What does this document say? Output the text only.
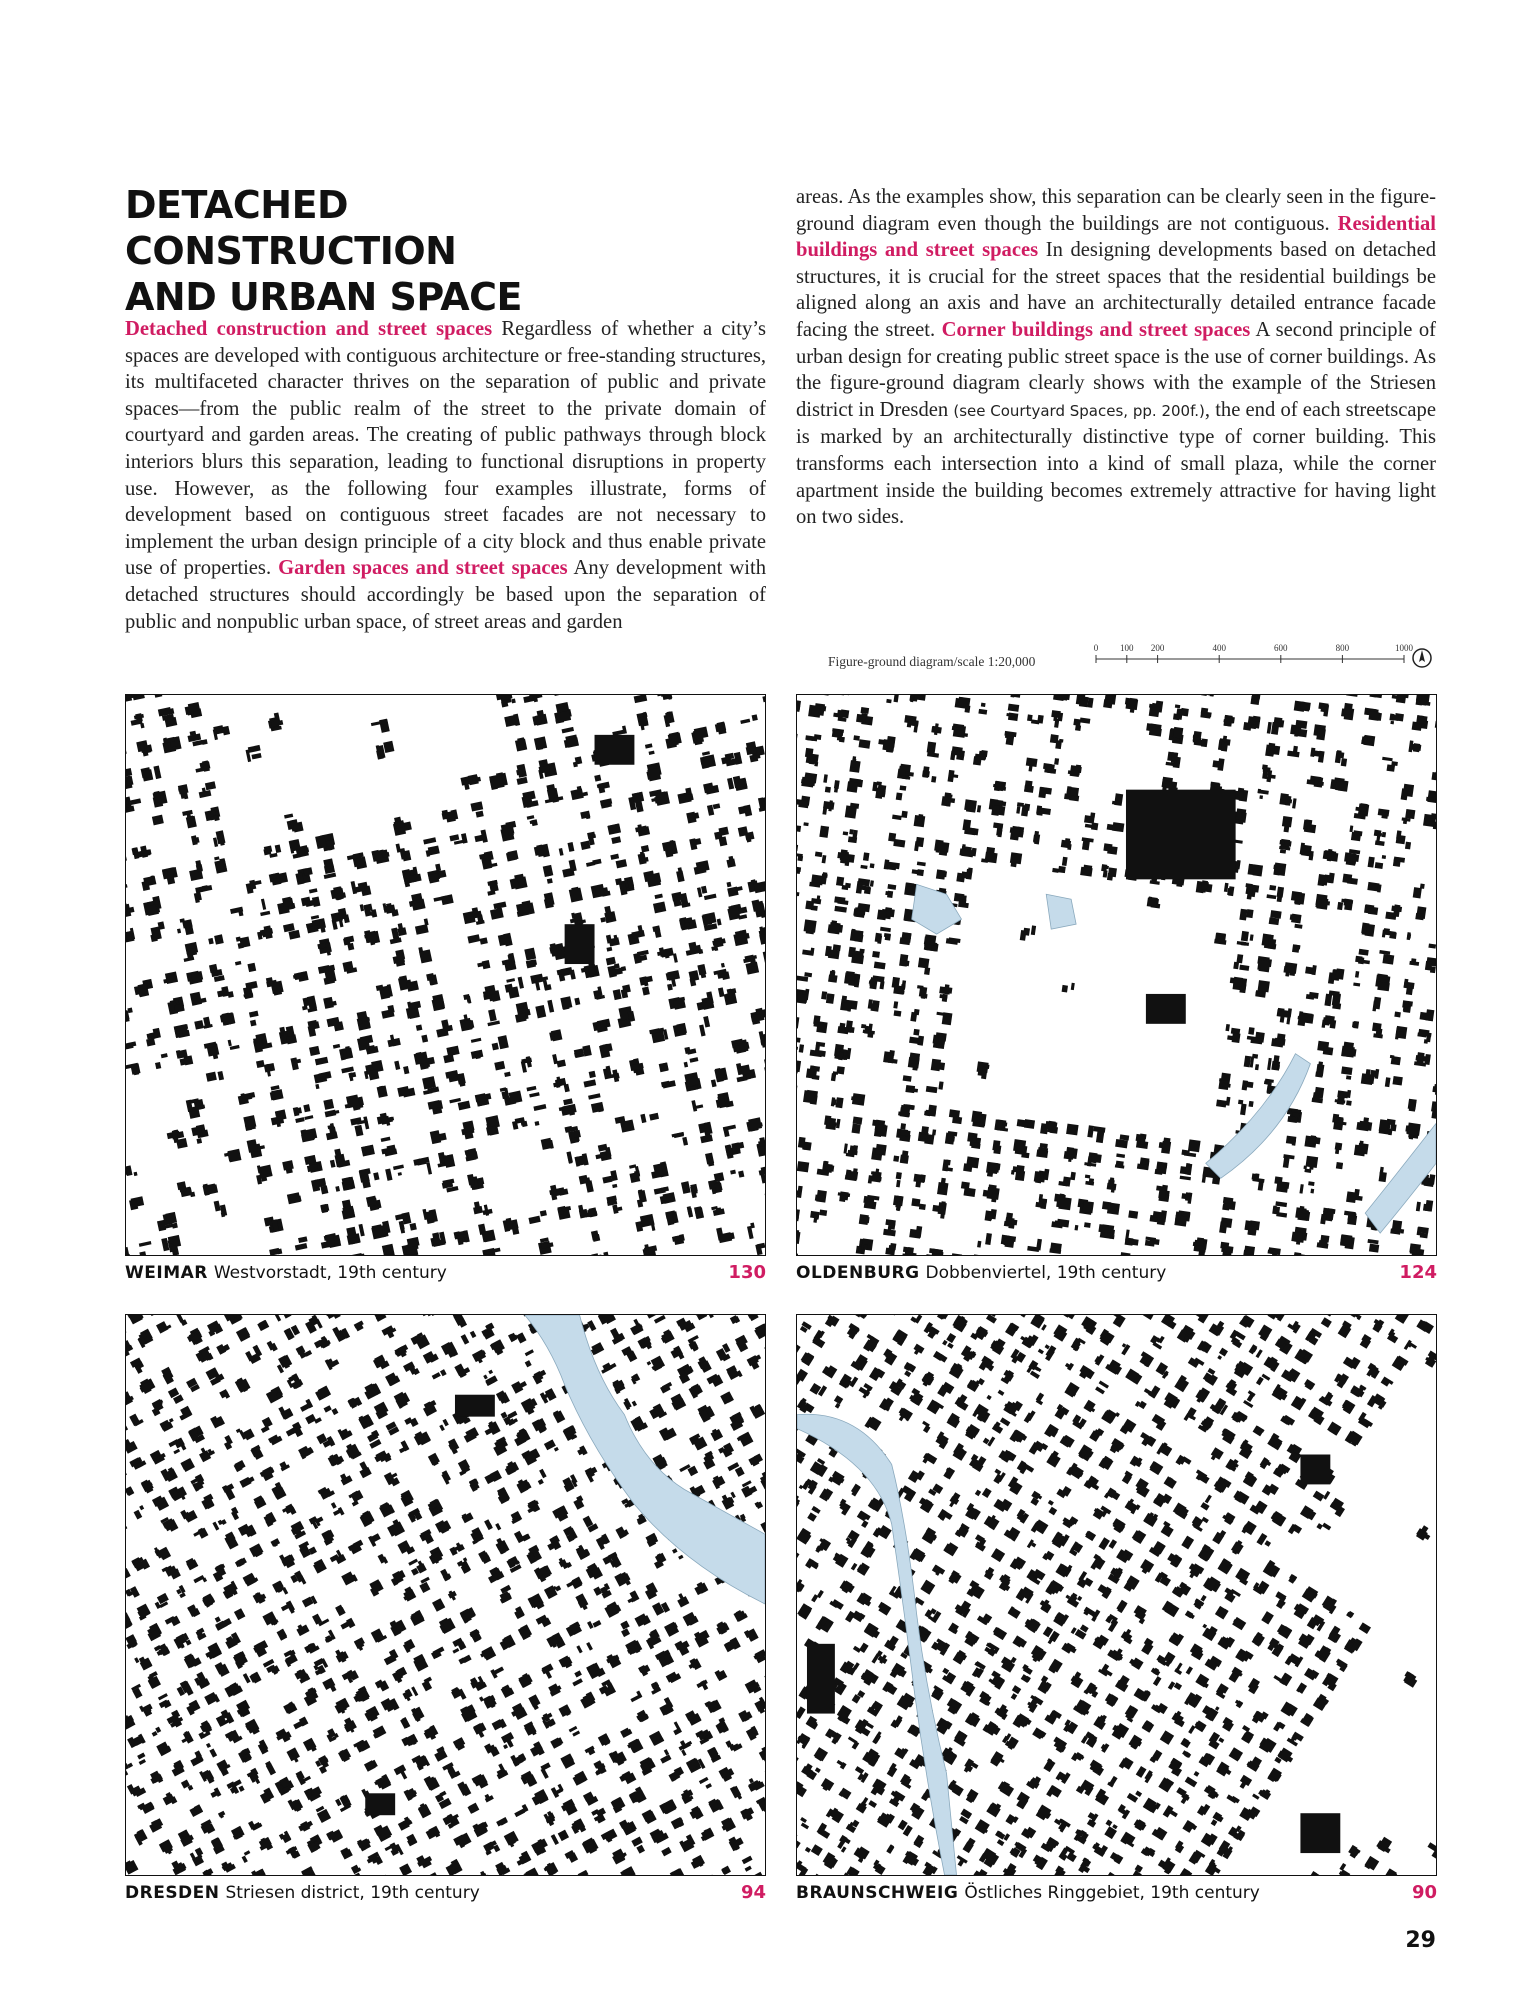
DETACHED CONSTRUCTION
AND URBAN SPACE
Detached construction and street spaces Regardless of whether a city’s spaces are developed with contiguous architecture or free-standing structures, its multifaceted character thrives on the separation of public and private spaces—from the public realm of the street to the private domain of courtyard and garden areas. The creating of public pathways through block interiors blurs this separation, leading to functional disruptions in property use. However, as the following four examples illustrate, forms of development based on contiguous street facades are not necessary to implement the urban design principle of a city block and thus enable private use of properties. Garden spaces and street spaces Any development with detached structures should accordingly be based upon the separation of public and nonpublic urban space, of street areas and garden
areas. As the examples show, this separation can be clearly seen in the figure-ground diagram even though the buildings are not contiguous. Residential buildings and street spaces In designing developments based on detached structures, it is crucial for the street spaces that the residential buildings be aligned along an axis and have an architecturally detailed entrance facade facing the street. Corner buildings and street spaces A second principle of urban design for creating public street space is the use of corner buildings. As the figure-ground diagram clearly shows with the example of the Striesen district in Dresden (see Courtyard Spaces, pp. 200f.), the end of each streetscape is marked by an architecturally distinctive type of corner building. This transforms each intersection into a kind of small plaza, while the corner apartment inside the building becomes extremely attractive for having light on two sides.
Figure-ground diagram/scale 1:20,000
0 100 200	400	600	800	1000
WEIMAR Westvorstadt, 19th century	130 OLDENBURG Dobbenviertel, 19th century	124
DRESDEN Striesen district, 19th century	94 BRAUNSCHWEIG Östliches Ringgebiet, 19th century	90
29
